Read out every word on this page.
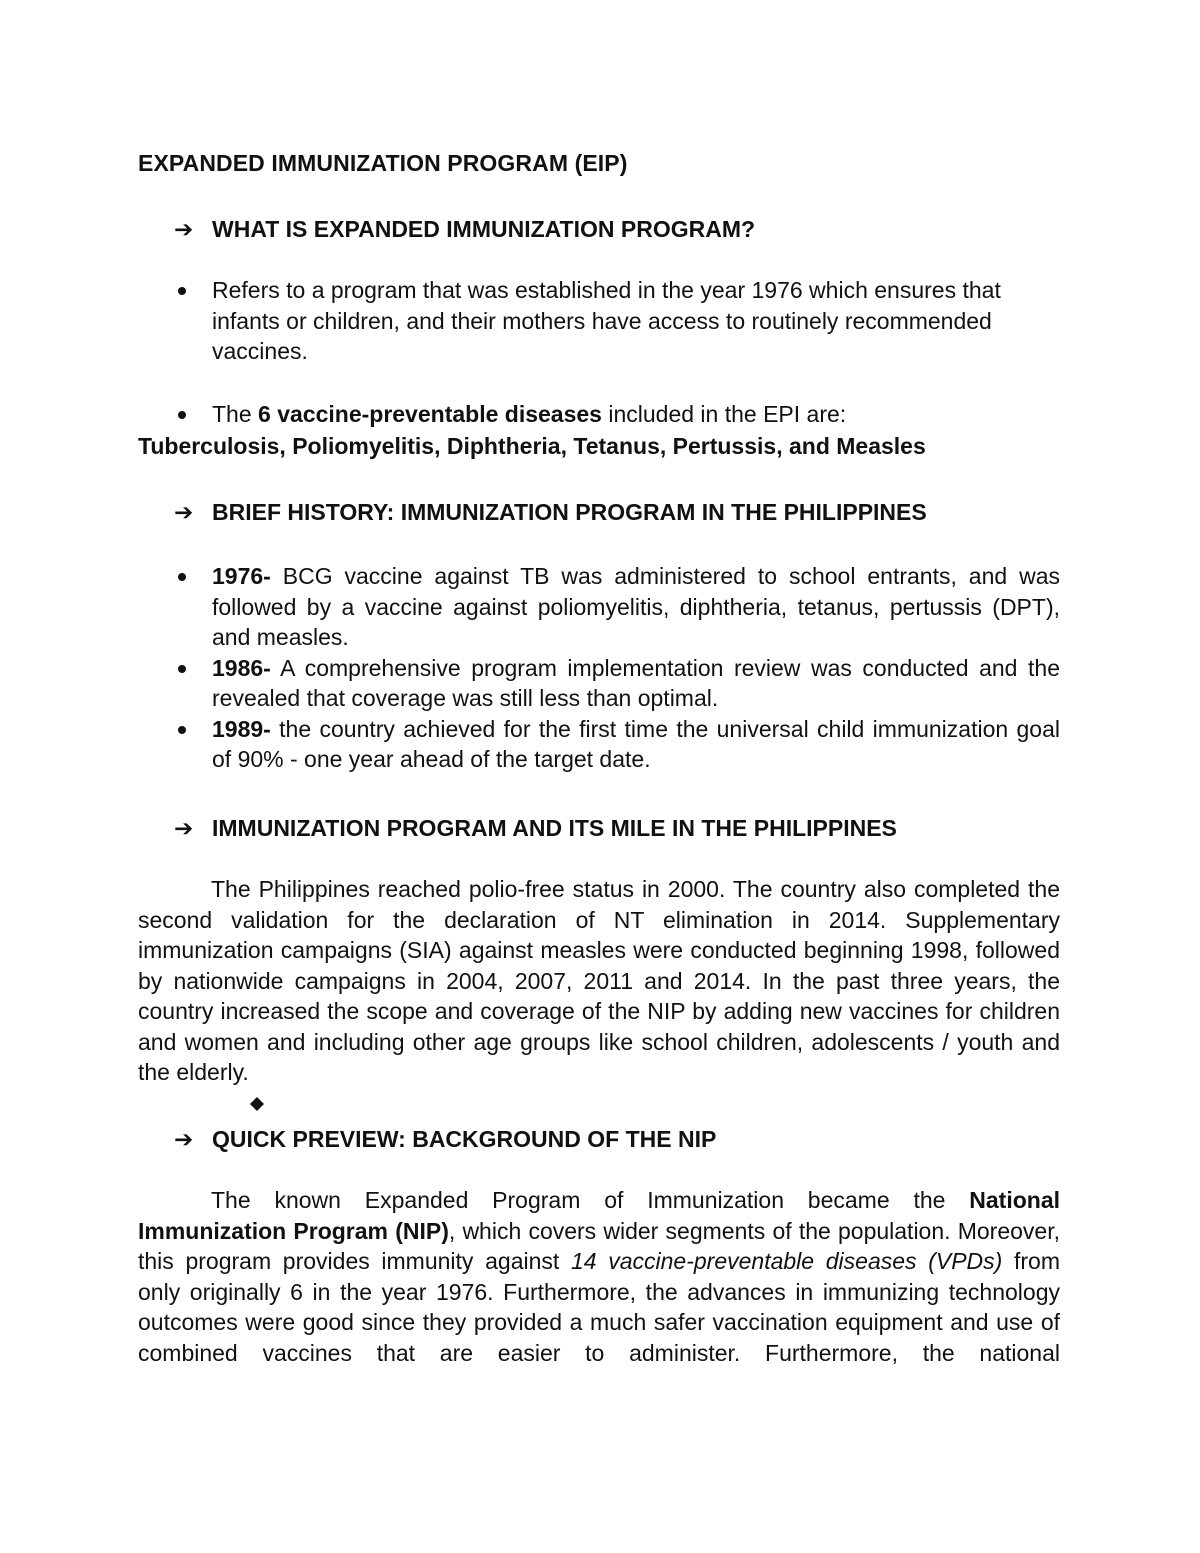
EXPANDED IMMUNIZATION PROGRAM (EIP)
➔ WHAT IS EXPANDED IMMUNIZATION PROGRAM?
Refers to a program that was established in the year 1976 which ensures that infants or children, and their mothers have access to routinely recommended vaccines.
The 6 vaccine-preventable diseases included in the EPI are:

Tuberculosis, Poliomyelitis, Diphtheria, Tetanus, Pertussis, and Measles

➔ BRIEF HISTORY: IMMUNIZATION PROGRAM IN THE PHILIPPINES
1976- BCG vaccine against TB was administered to school entrants, and was followed by a vaccine against poliomyelitis, diphtheria, tetanus, pertussis (DPT), and measles.
1986- A comprehensive program implementation review was conducted and the revealed that coverage was still less than optimal.
1989- the country achieved for the first time the universal child immunization goal of 90% - one year ahead of the target date.
➔ IMMUNIZATION PROGRAM AND ITS MILE IN THE PHILIPPINES

The Philippines reached polio-free status in 2000. The country also completed the second validation for the declaration of NT elimination in 2014. Supplementary immunization campaigns (SIA) against measles were conducted beginning 1998, followed by nationwide campaigns in 2004, 2007, 2011 and 2014. In the past three years, the country increased the scope and coverage of the NIP by adding new vaccines for children and women and including other age groups like school children, adolescents / youth and the elderly.

➔ QUICK PREVIEW: BACKGROUND OF THE NIP

The known Expanded Program of Immunization became the National Immunization Program (NIP), which covers wider segments of the population. Moreover, this program provides immunity against 14 vaccine-preventable diseases (VPDs) from only originally 6 in the year 1976. Furthermore, the advances in immunizing technology outcomes were good since they provided a much safer vaccination equipment and use of combined vaccines that are easier to administer. Furthermore, the national
